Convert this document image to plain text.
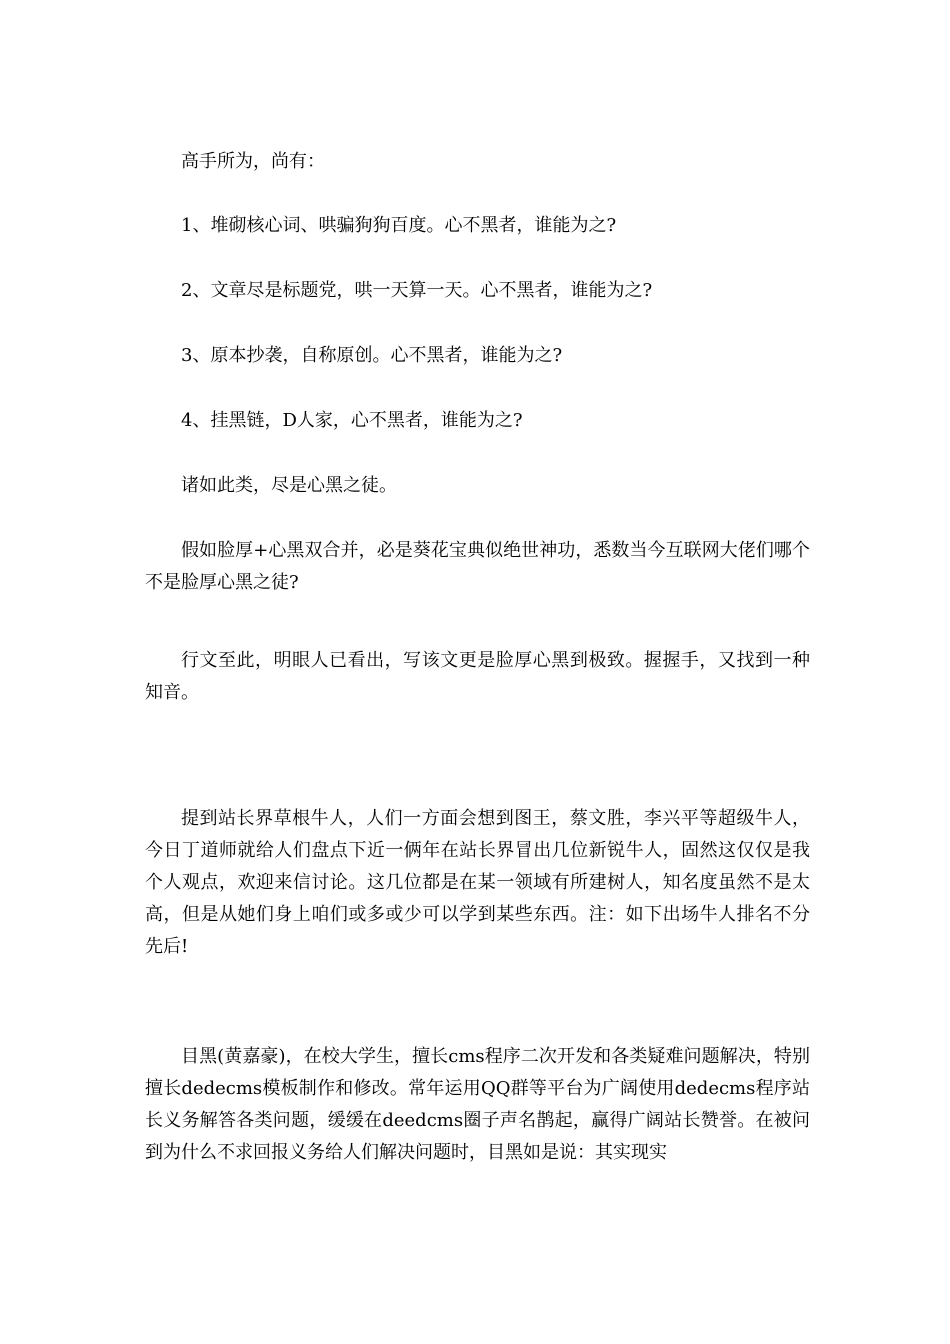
高手所为，尚有：

1、堆砌核心词、哄骗狗狗百度。心不黑者，谁能为之?

2、文章尽是标题党，哄一天算一天。心不黑者，谁能为之?

3、原本抄袭，自称原创。心不黑者，谁能为之?

4、挂黑链，D人家，心不黑者，谁能为之?

诸如此类，尽是心黑之徒。

假如脸厚+心黑双合并，必是葵花宝典似绝世神功，悉数当今互联网大佬们哪个不是脸厚心黑之徒?

行文至此，明眼人已看出，写该文更是脸厚心黑到极致。握握手，又找到一种知音。

提到站长界草根牛人，人们一方面会想到图王，蔡文胜，李兴平等超级牛人，今日丁道师就给人们盘点下近一俩年在站长界冒出几位新锐牛人，固然这仅仅是我个人观点，欢迎来信讨论。这几位都是在某一领域有所建树人，知名度虽然不是太高，但是从她们身上咱们或多或少可以学到某些东西。注：如下出场牛人排名不分先后!

目黑(黄嘉豪)，在校大学生，擅长cms程序二次开发和各类疑难问题解决，特别擅长dedecms模板制作和修改。常年运用QQ群等平台为广阔使用dedecms程序站长义务解答各类问题，缓缓在deedcms圈子声名鹊起，赢得广阔站长赞誉。在被问到为什么不求回报义务给人们解决问题时，目黑如是说：其实现实
